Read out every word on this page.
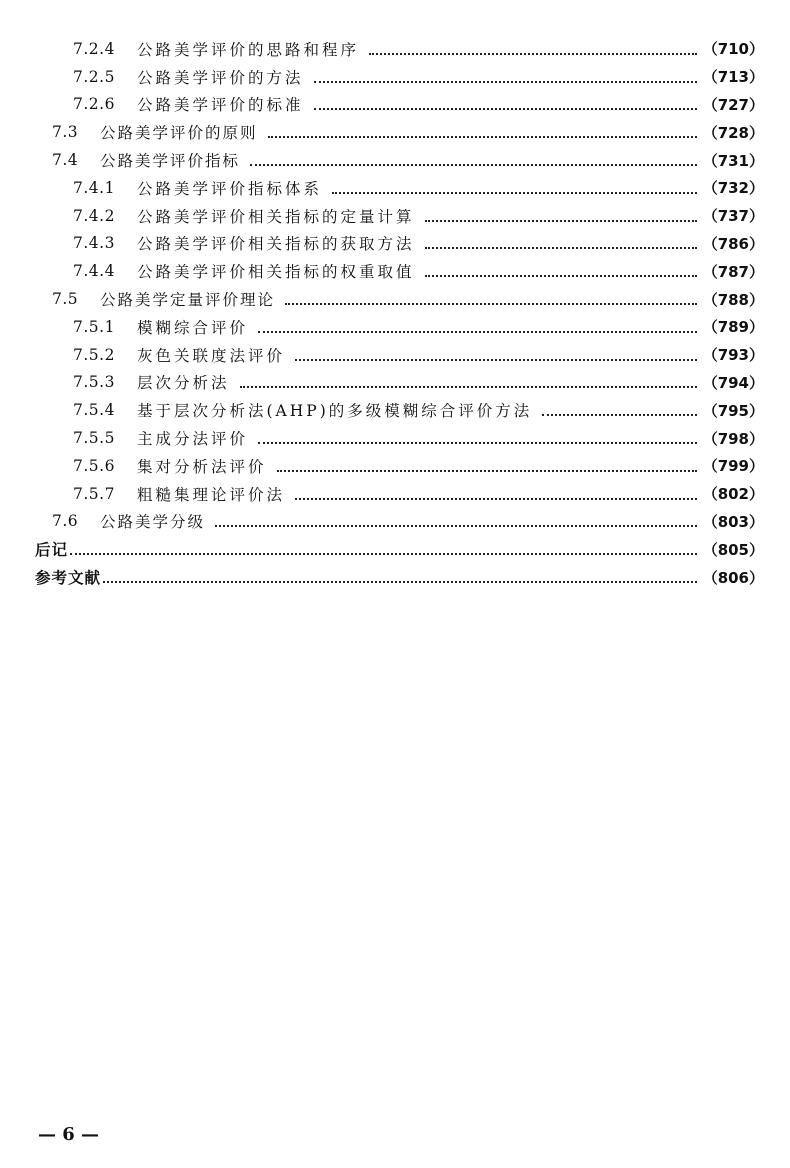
7.2.4	公路美学评价的思路和程序	（710）
7.2.5	公路美学评价的方法	（713）
7.2.6	公路美学评价的标准	（727）
7.3	公路美学评价的原则	（728）
7.4	公路美学评价指标	（731）
7.4.1	公路美学评价指标体系	（732）
7.4.2	公路美学评价相关指标的定量计算	（737）
7.4.3	公路美学评价相关指标的获取方法	（786）
7.4.4	公路美学评价相关指标的权重取值	（787）
7.5	公路美学定量评价理论	（788）
7.5.1	模糊综合评价	（789）
7.5.2	灰色关联度法评价	（793）
7.5.3	层次分析法	（794）
7.5.4	基于层次分析法(AHP)的多级模糊综合评价方法	（795）
7.5.5	主成分法评价	（798）
7.5.6	集对分析法评价	（799）
7.5.7	粗糙集理论评价法	（802）
7.6	公路美学分级	（803）
后记	（805）
参考文献	（806）
— 6 —
